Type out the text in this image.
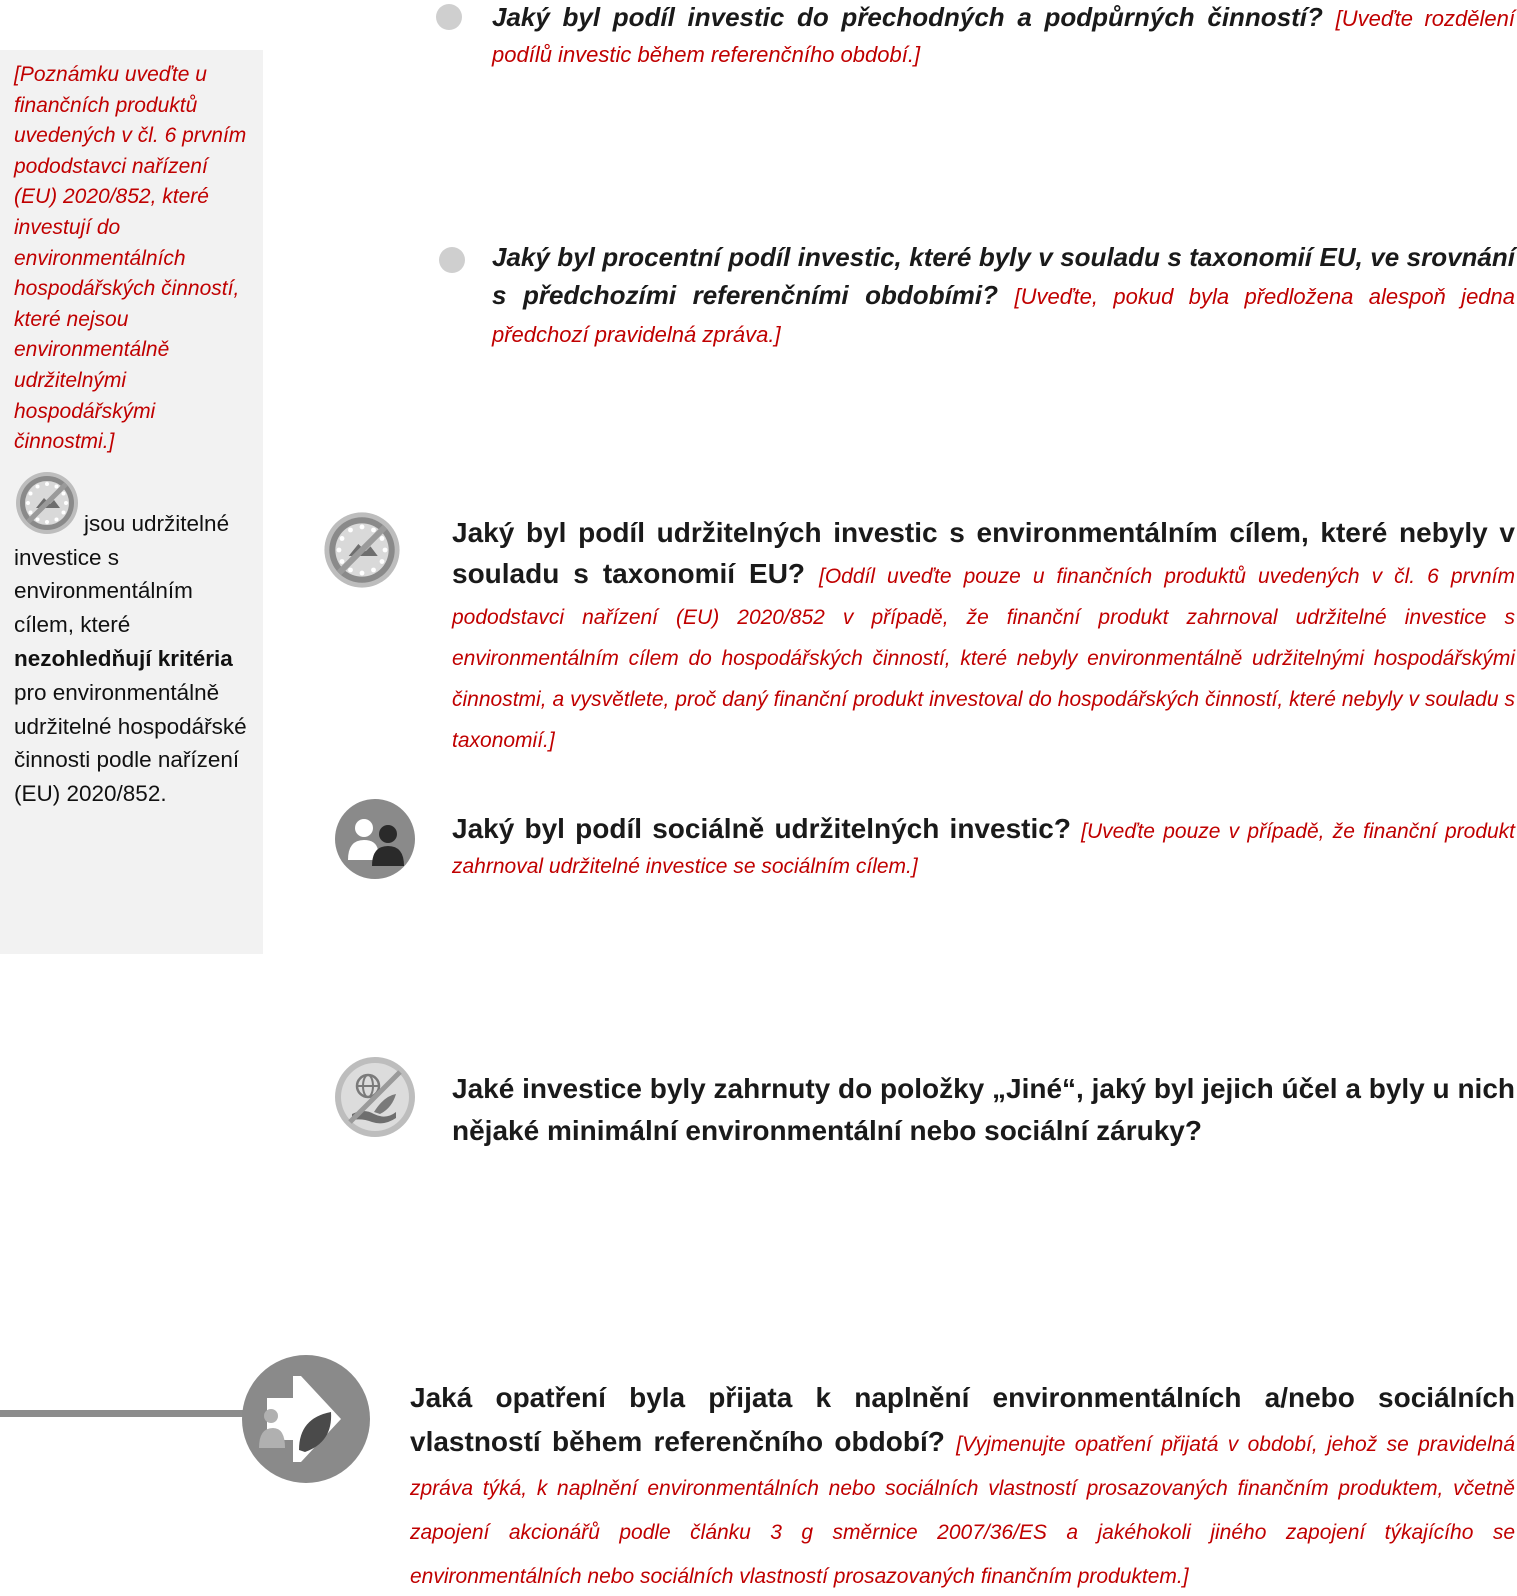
[Poznámku uveďte u finančních produktů uvedených v čl. 6 prvním pododstavci nařízení (EU) 2020/852, které investují do environmentálních hospodářských činností, které nejsou environmentálně udržitelnými hospodářskými činnostmi.]

jsou udržitelné investice s environmentálním cílem, které nezohledňují kritéria pro environmentálně udržitelné hospodářské činnosti podle nařízení (EU) 2020/852.

Jaký byl podíl investic do přechodných a podpůrných činností? [Uveďte rozdělení podílů investic během referenčního období.]

Jaký byl procentní podíl investic, které byly v souladu s taxonomií EU, ve srovnání s předchozími referenčními obdobími? [Uveďte, pokud byla předložena alespoň jedna předchozí pravidelná zpráva.]

Jaký byl podíl udržitelných investic s environmentálním cílem, které nebyly v souladu s taxonomií EU? [Oddíl uveďte pouze u finančních produktů uvedených v čl. 6 prvním pododstavci nařízení (EU) 2020/852 v případě, že finanční produkt zahrnoval udržitelné investice s environmentálním cílem do hospodářských činností, které nebyly environmentálně udržitelnými hospodářskými činnostmi, a vysvětlete, proč daný finanční produkt investoval do hospodářských činností, které nebyly v souladu s taxonomií.]

Jaký byl podíl sociálně udržitelných investic? [Uveďte pouze v případě, že finanční produkt zahrnoval udržitelné investice se sociálním cílem.]

Jaké investice byly zahrnuty do položky „Jiné“, jaký byl jejich účel a byly u nich nějaké minimální environmentální nebo sociální záruky?

Jaká opatření byla přijata k naplnění environmentálních a/nebo sociálních vlastností během referenčního období? [Vyjmenujte opatření přijatá v období, jehož se pravidelná zpráva týká, k naplnění environmentálních nebo sociálních vlastností prosazovaných finančním produktem, včetně zapojení akcionářů podle článku 3 g směrnice 2007/36/ES a jakéhokoli jiného zapojení týkajícího se environmentálních nebo sociálních vlastností prosazovaných finančním produktem.]
